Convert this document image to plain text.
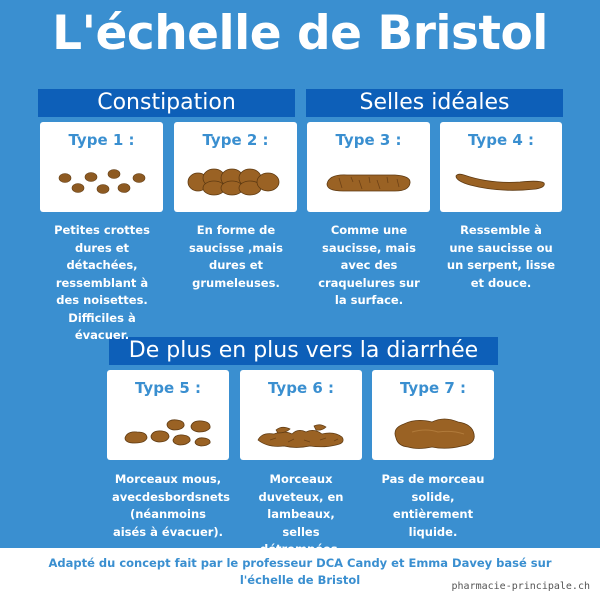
L'échelle de Bristol
Constipation	Selles idéales
De plus en plus vers la diarrhée
Type 1 :
Petites crottes dures et détachées, ressemblant à des noisettes. Difficiles à évacuer.
Type 2 :
En forme de saucisse ,mais dures et grumeleuses.
Type 3 :
Comme une saucisse, mais avec des craquelures sur la surface.
Type 4 :
Ressemble à une saucisse ou un serpent, lisse et douce.
Type 5 :
Morceaux mous, avecdesbordsnets (néanmoins aisés à évacuer).
Type 6 :
Morceaux duveteux, en lambeaux, selles détrempées.
Type 7 :
Pas de morceau solide, entièrement liquide.
Adapté du concept fait par le professeur DCA Candy et Emma Davey basé sur l'échelle de Bristol	pharmacie-principale.ch
